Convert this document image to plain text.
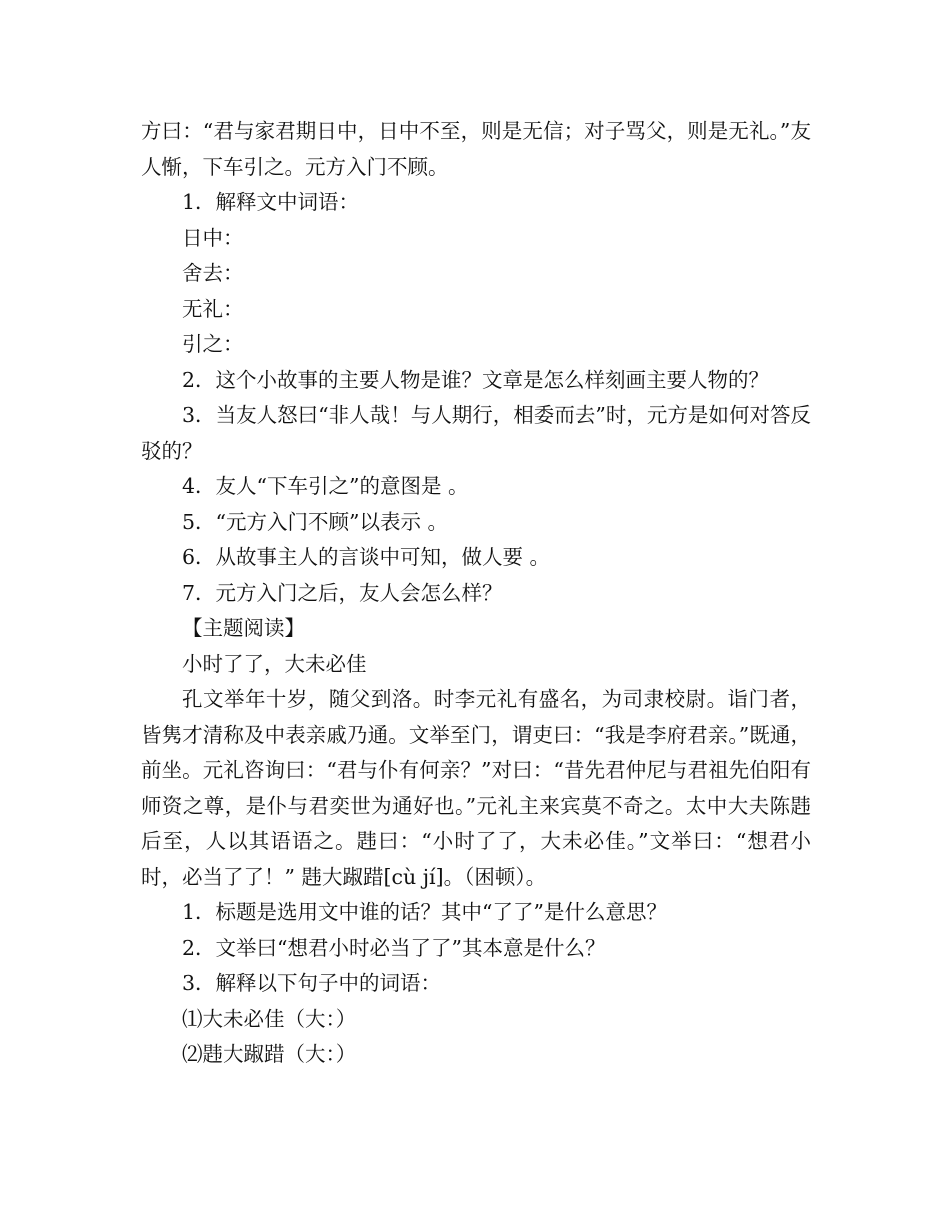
方曰：“君与家君期日中，日中不至，则是无信；对子骂父，则是无礼。”友人惭，下车引之。元方入门不顾。

1．解释文中词语：

日中：

舍去：

无礼：

引之：

2．这个小故事的主要人物是谁？文章是怎么样刻画主要人物的？

3．当友人怒曰“非人哉！与人期行，相委而去”时，元方是如何对答反驳的？

4．友人“下车引之”的意图是 。

5．“元方入门不顾”以表示 。

6．从故事主人的言谈中可知，做人要 。

7．元方入门之后，友人会怎么样？

【主题阅读】

小时了了，大未必佳

孔文举年十岁，随父到洛。时李元礼有盛名，为司隶校尉。诣门者，皆隽才清称及中表亲戚乃通。文举至门，谓吏曰：“我是李府君亲。”既通，前坐。元礼咨询曰：“君与仆有何亲？”对曰：“昔先君仲尼与君祖先伯阳有师资之尊，是仆与君奕世为通好也。”元礼主来宾莫不奇之。太中大夫陈韪后至，人以其语语之。韪曰：“小时了了，大未必佳。”文举曰：“想君小时，必当了了！” 韪大踧踖[cù jí]。（困顿）。

1．标题是选用文中谁的话？其中“了了”是什么意思？

2．文举曰“想君小时必当了了”其本意是什么？

3．解释以下句子中的词语：

⑴大未必佳（大：）

⑵韪大踧踖（大：）
